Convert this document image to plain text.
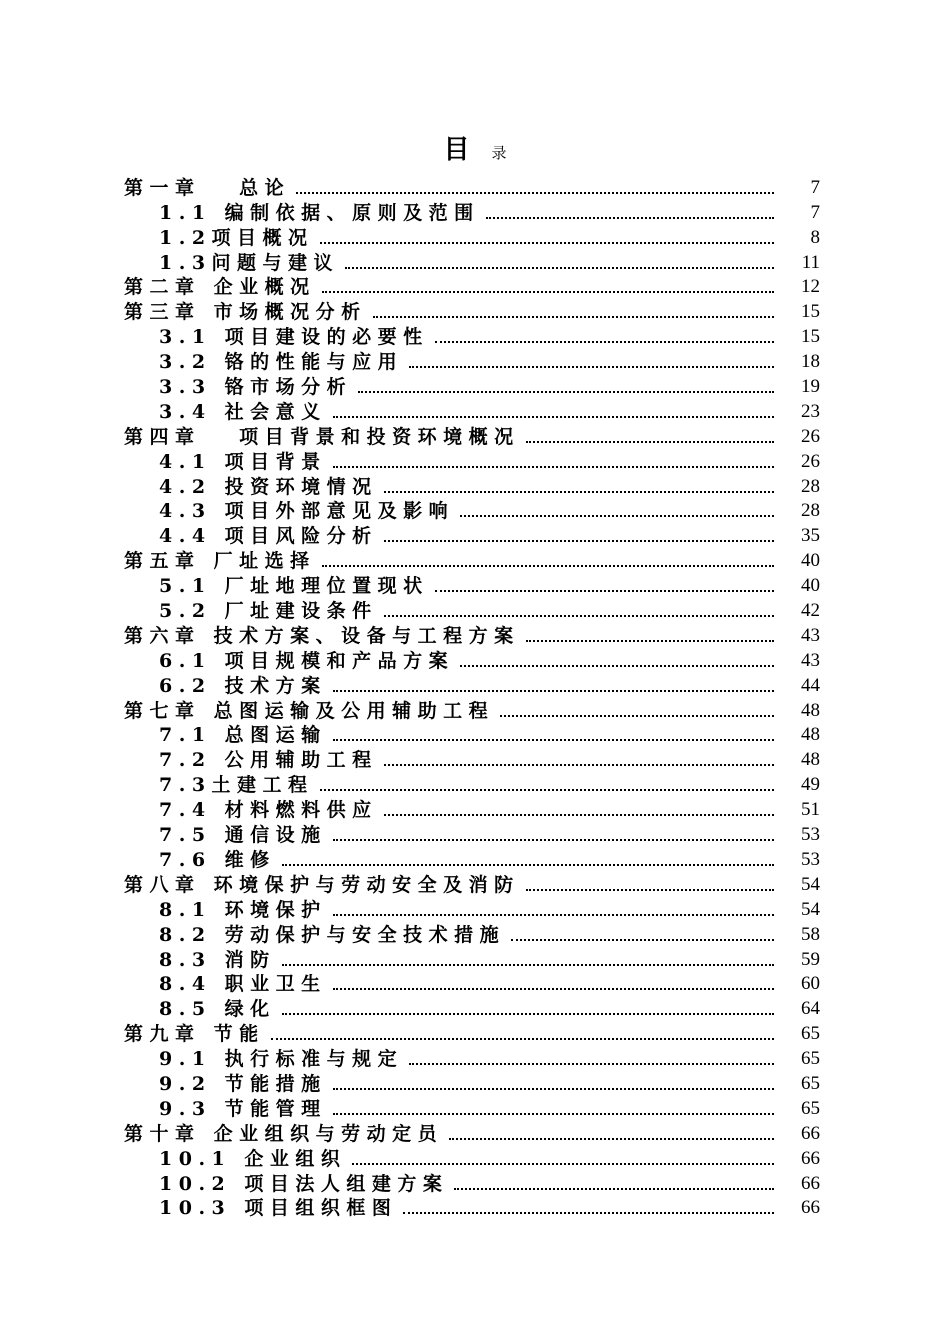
目 录
第一章　 总论	7
1.1 编制依据、原则及范围	7
1.2项目概况	8
1.3问题与建议	11
第二章 企业概况	12
第三章 市场概况分析	15
3.1 项目建设的必要性	15
3.2 铬的性能与应用	18
3.3 铬市场分析	19
3.4 社会意义	23
第四章　 项目背景和投资环境概况	26
4.1 项目背景	26
4.2 投资环境情况	28
4.3 项目外部意见及影响	28
4.4 项目风险分析	35
第五章 厂址选择	40
5.1 厂址地理位置现状	40
5.2 厂址建设条件	42
第六章 技术方案、设备与工程方案	43
6.1 项目规模和产品方案	43
6.2 技术方案	44
第七章 总图运输及公用辅助工程	48
7.1 总图运输	48
7.2 公用辅助工程	48
7.3土建工程	49
7.4 材料燃料供应	51
7.5 通信设施	53
7.6 维修	53
第八章 环境保护与劳动安全及消防	54
8.1 环境保护	54
8.2 劳动保护与安全技术措施	58
8.3 消防	59
8.4 职业卫生	60
8.5 绿化	64
第九章 节能	65
9.1 执行标准与规定	65
9.2 节能措施	65
9.3 节能管理	65
第十章 企业组织与劳动定员	66
10.1 企业组织	66
10.2 项目法人组建方案	66
10.3 项目组织框图	66
